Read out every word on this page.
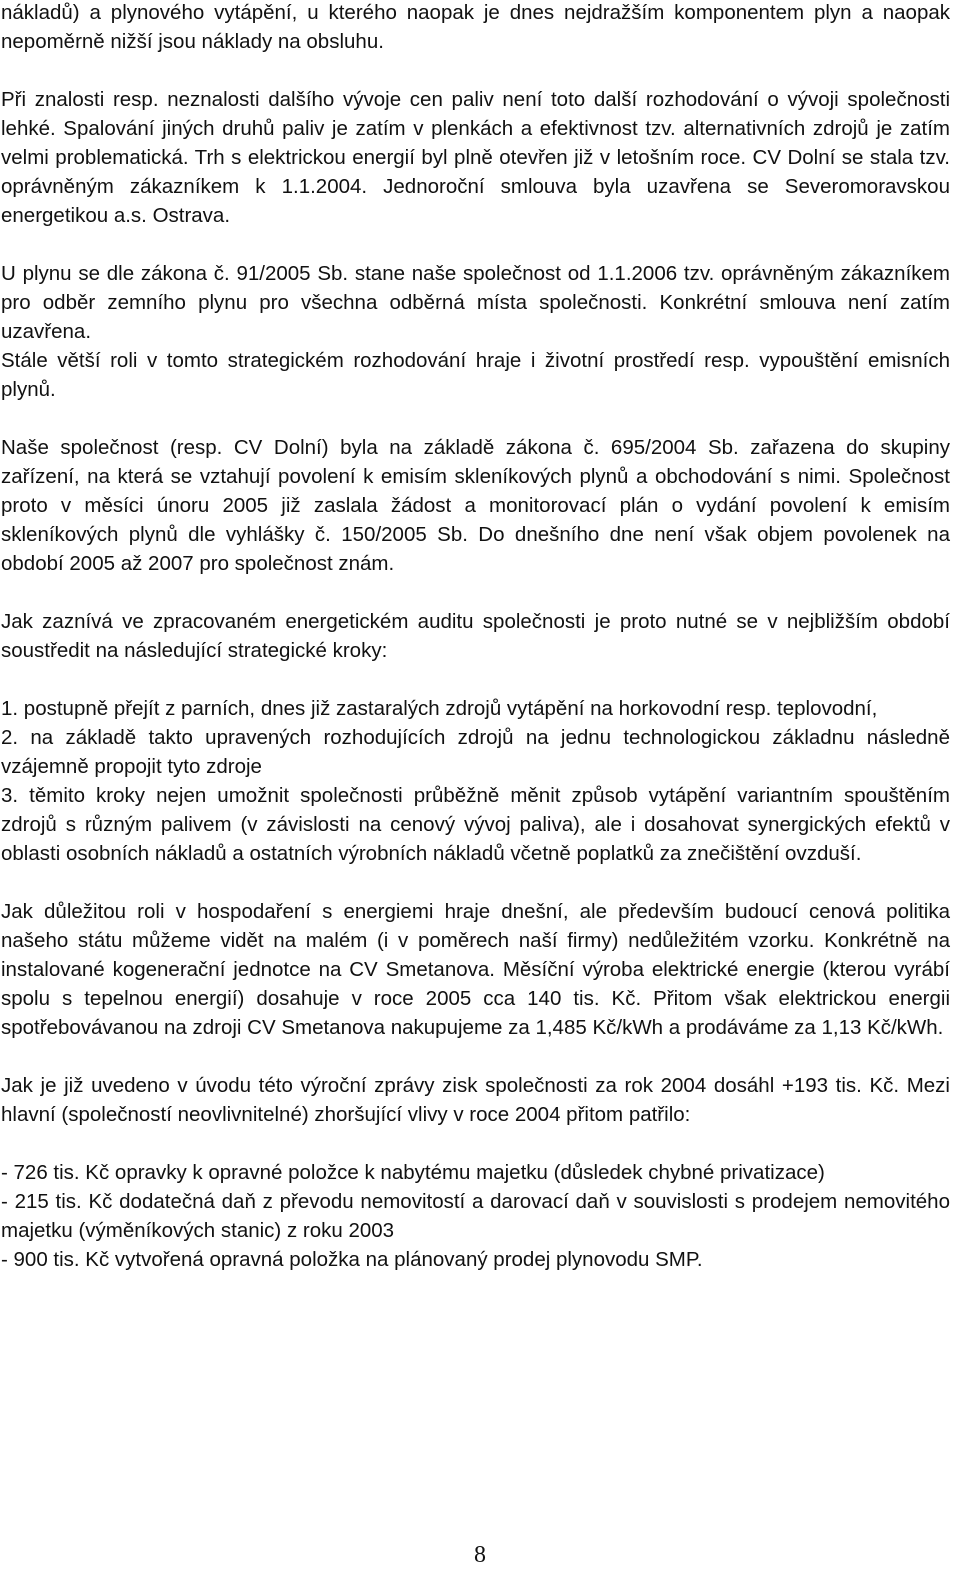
nákladů) a plynového vytápění, u kterého naopak je dnes nejdražším komponentem plyn a naopak nepoměrně nižší jsou náklady na obsluhu.

Při znalosti resp. neznalosti dalšího vývoje cen paliv není toto další rozhodování o vývoji společnosti lehké. Spalování jiných druhů paliv je zatím v plenkách a efektivnost tzv. alternativních zdrojů je zatím velmi problematická. Trh s elektrickou energií byl plně otevřen již v letošním roce. CV Dolní se stala tzv. oprávněným zákazníkem k 1.1.2004. Jednoroční smlouva byla uzavřena se Severomoravskou energetikou a.s. Ostrava.

U plynu se dle zákona č. 91/2005 Sb. stane naše společnost od 1.1.2006 tzv. oprávněným zákazníkem pro odběr zemního plynu pro všechna odběrná místa společnosti. Konkrétní smlouva není zatím uzavřena.

Stále větší roli v tomto strategickém rozhodování hraje i životní prostředí resp. vypouštění emisních plynů.

Naše společnost (resp. CV Dolní) byla na základě zákona č. 695/2004 Sb. zařazena do skupiny zařízení, na která se vztahují povolení k emisím skleníkových plynů a obchodování s nimi. Společnost proto v měsíci únoru 2005 již zaslala žádost a monitorovací plán o vydání povolení k emisím skleníkových plynů dle vyhlášky č. 150/2005 Sb. Do dnešního dne není však objem povolenek na období 2005 až 2007 pro společnost znám.

Jak zaznívá ve zpracovaném energetickém auditu společnosti je proto nutné se v nejbližším období soustředit na následující strategické kroky:

1. postupně přejít z parních, dnes již zastaralých zdrojů vytápění na horkovodní resp. teplovodní,

2. na základě takto upravených rozhodujících zdrojů na jednu technologickou základnu následně vzájemně propojit tyto zdroje

3. těmito kroky nejen umožnit společnosti průběžně měnit způsob vytápění variantním spouštěním zdrojů s různým palivem (v závislosti na cenový vývoj paliva), ale i dosahovat synergických efektů v oblasti osobních nákladů a ostatních výrobních nákladů včetně poplatků za znečištění ovzduší.

Jak důležitou roli v hospodaření s energiemi hraje dnešní, ale především budoucí cenová politika našeho státu můžeme vidět na malém (i v poměrech naší firmy) nedůležitém vzorku. Konkrétně na instalované kogenerační jednotce na CV Smetanova. Měsíční výroba elektrické energie (kterou vyrábí spolu s tepelnou energií) dosahuje v roce 2005 cca 140 tis. Kč. Přitom však elektrickou energii spotřebovávanou na zdroji CV Smetanova nakupujeme za 1,485 Kč/kWh a prodáváme za 1,13 Kč/kWh.

Jak je již uvedeno v úvodu této výroční zprávy zisk společnosti za rok 2004 dosáhl +193 tis. Kč. Mezi hlavní (společností neovlivnitelné) zhoršující vlivy v roce 2004 přitom patřilo:

- 726 tis. Kč opravky k opravné položce k nabytému majetku (důsledek chybné privatizace)

- 215 tis. Kč dodatečná daň z převodu nemovitostí a darovací daň v souvislosti s prodejem nemovitého majetku (výměníkových stanic) z roku 2003

- 900 tis. Kč vytvořená opravná položka na plánovaný prodej plynovodu SMP.

8
